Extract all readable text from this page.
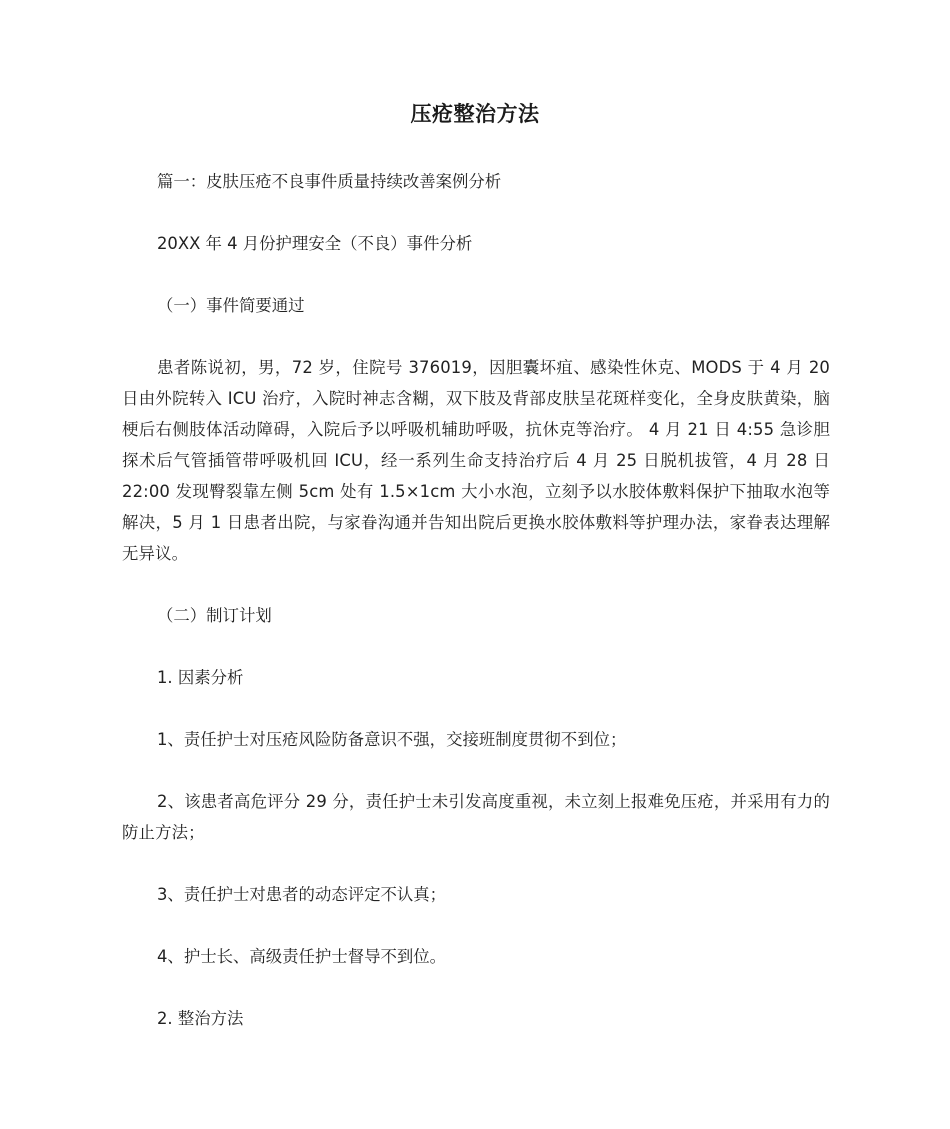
压疮整治方法

篇一：皮肤压疮不良事件质量持续改善案例分析

20XX 年 4 月份护理安全（不良）事件分析

（一）事件简要通过

患者陈说初，男，72 岁，住院号 376019，因胆囊坏疽、感染性休克、MODS 于 4 月 20 日由外院转入 ICU 治疗，入院时神志含糊，双下肢及背部皮肤呈花斑样变化，全身皮肤黄染，脑梗后右侧肢体活动障碍，入院后予以呼吸机辅助呼吸，抗休克等治疗。 4 月 21 日 4:55 急诊胆探术后气管插管带呼吸机回 ICU，经一系列生命支持治疗后 4 月 25 日脱机拔管，4 月 28 日 22:00 发现臀裂靠左侧 5cm 处有 1.5×1cm 大小水泡，立刻予以水胶体敷料保护下抽取水泡等解决，5 月 1 日患者出院，与家眷沟通并告知出院后更换水胶体敷料等护理办法，家眷表达理解无异议。

（二）制订计划

1. 因素分析

1、责任护士对压疮风险防备意识不强，交接班制度贯彻不到位；

2、该患者高危评分 29 分，责任护士未引发高度重视，未立刻上报难免压疮，并采用有力的防止方法；

3、责任护士对患者的动态评定不认真；

4、护士长、高级责任护士督导不到位。

2. 整治方法
